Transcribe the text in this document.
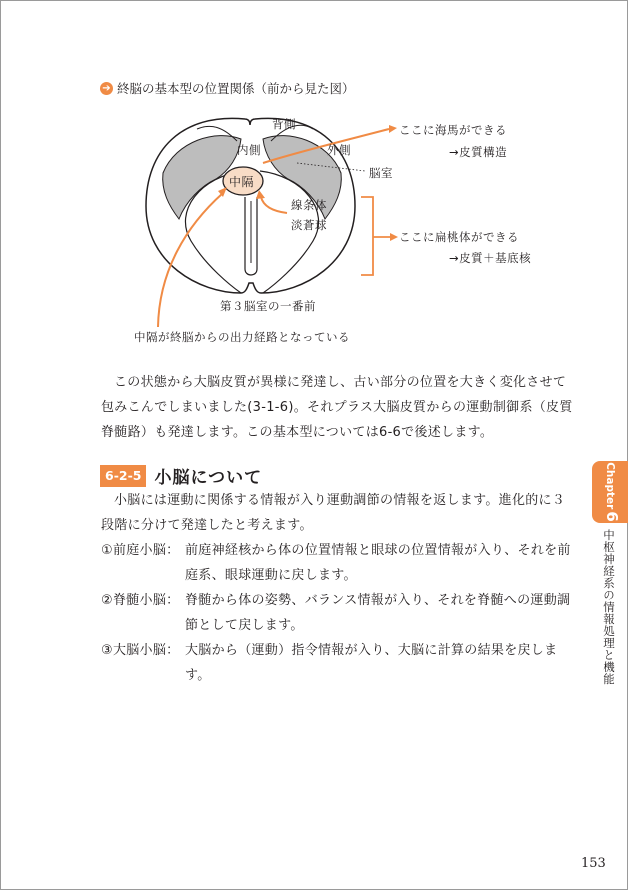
➔ 終脳の基本型の位置関係（前から見た図）
背側
内側	外側
中隔
脳室
線条体
淡蒼球
第３脳室の一番前
ここに海馬ができる
→皮質構造
ここに扁桃体ができる
→皮質＋基底核
中隔が終脳からの出力経路となっている

この状態から大脳皮質が異様に発達し、古い部分の位置を大きく変化させて包みこんでしまいました(3-1-6)。それプラス大脳皮質からの運動制御系（皮質脊髄路）も発達します。この基本型については6-6で後述します。

6-2-5 小脳について

小脳には運動に関係する情報が入り運動調節の情報を返します。進化的に３段階に分けて発達したと考えます。

①前庭小脳： 前庭神経核から体の位置情報と眼球の位置情報が入り、それを前庭系、眼球運動に戻します。
②脊髄小脳： 脊髄から体の姿勢、バランス情報が入り、それを脊髄への運動調節として戻します。
③大脳小脳： 大脳から（運動）指令情報が入り、大脳に計算の結果を戻します。
Chapter6
中枢神経系の情報処理と機能
153
